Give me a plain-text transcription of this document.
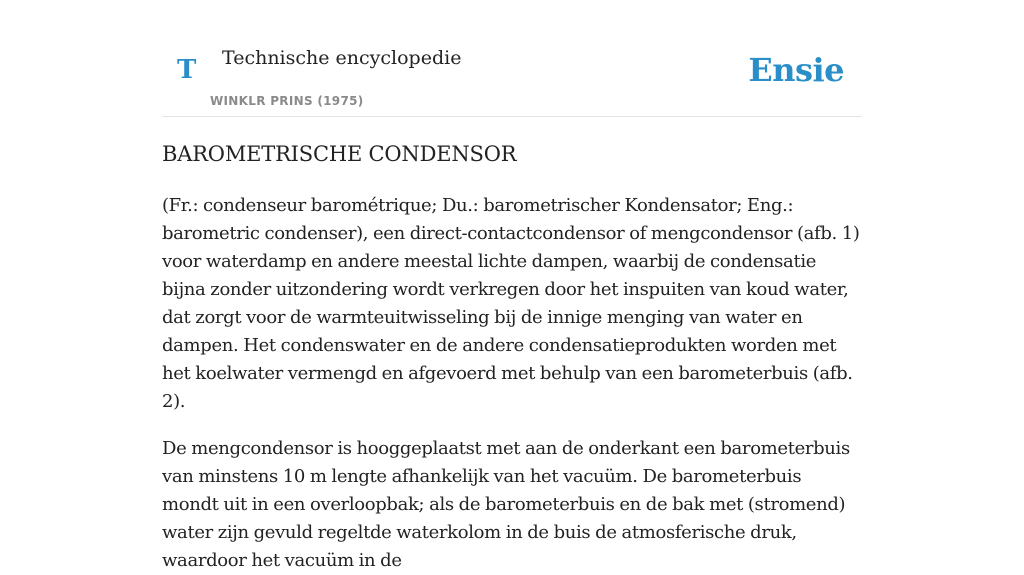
T Technische encyclopedie
WINKLR PRINS (1975)
Ensie
BAROMETRISCHE CONDENSOR

(Fr.: condenseur barométrique; Du.: barometrischer Kondensator; Eng.: barometric condenser), een direct-contactcondensor of mengcondensor (afb. 1) voor waterdamp en andere meestal lichte dampen, waarbij de condensatie bijna zonder uitzondering wordt verkregen door het inspuiten van koud water, dat zorgt voor de warmteuitwisseling bij de innige menging van water en dampen. Het condenswater en de andere condensatieprodukten worden met het koelwater vermengd en afgevoerd met behulp van een barometerbuis (afb. 2).

De mengcondensor is hooggeplaatst met aan de onderkant een barometerbuis van minstens 10 m lengte afhankelijk van het vacuüm. De barometerbuis mondt uit in een overloopbak; als de barometerbuis en de bak met (stromend) water zijn gevuld regeltde waterkolom in de buis de atmosferische druk, waardoor het vacuüm in de
